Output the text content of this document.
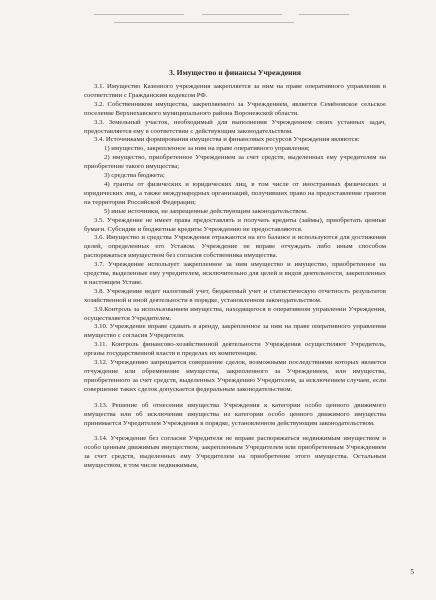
3. Имущество и финансы Учреждения

3.1. Имущество Казенного учреждения закрепляется за ним на праве оперативного управления в соответствии с Гражданским кодексом РФ.

3.2. Собственником имущества, закрепляемого за Учреждением, является Семёновское сельское поселение Верхнехавского муниципального района Воронежской области.

3.3. Земельный участок, необходимый для выполнения Учреждением своих уставных задач, предоставляется ему в соответствии с действующим законодательством.

3.4. Источниками формирования имущества и финансовых ресурсов Учреждения являются:

1) имущество, закрепленное за ним на праве оперативного управления;

2) имущество, приобретенное Учреждением за счет средств, выделенных ему учредителем на приобретение такого имущества;

3) средства бюджета;

4) гранты от физических и юридических лиц, в том числе от иностранных физических и юридических лиц, а также международных организаций, получивших право на предоставление грантов на территории Российской Федерации;

5) иные источники, не запрещенные действующим законодательством.

3.5. Учреждение не имеет права предоставлять и получать кредиты (займы), приобретать ценные бумаги. Субсидии и бюджетные кредиты Учреждению не предоставляются.

3.6. Имущество и средства Учреждения отражаются на его балансе и используются для достижения целей, определенных его Уставом. Учреждение не вправе отчуждать либо иным способом распоряжаться имуществом без согласия собственника имущества.

3.7. Учреждение использует закрепленное за ним имущество и имущество, приобретенное на средства, выделенные ему учредителем, исключительно для целей и видов деятельности, закрепленных в настоящем Уставе.

3.8. Учреждение ведет налоговый учет, бюджетный учет и статистическую отчетность результатов хозяйственной и иной деятельности в порядке, установленном законодательством.

3.9.Контроль за использованием имущества, находящегося в оперативном управлении Учреждения, осуществляется Учредителем.

3.10. Учреждение вправе сдавать в аренду, закрепленное за ним на праве оперативного управления имущество с согласия Учредителя.

3.11. Контроль финансово-хозяйственной деятельности Учреждения осуществляют Учредитель, органы государственной власти в пределах их компетенции.

3.12. Учреждению запрещается совершение сделок, возможными последствиями которых является отчуждение или обременение имущества, закрепленного за Учреждением, или имущества, приобретенного за счет средств, выделенных Учреждению Учредителем, за исключением случаев, если совершение таких сделок допускается федеральным законодательством.

3.13. Решение об отнесении имущества Учреждения к категории особо ценного движимого имущества или об исключении имущества из категории особо ценного движимого имущества принимается Учредителем Учреждения в порядке, установленном действующим законодательством.

3.14. Учреждение без согласия Учредителя не вправе распоряжаться недвижимым имуществом и особо ценным движимым имуществом, закрепленным Учредителем или приобретенным Учреждением за счет средств, выделенных ему Учредителем на приобретение этого имущества. Остальным имуществом, в том числе недвижимым,

5
